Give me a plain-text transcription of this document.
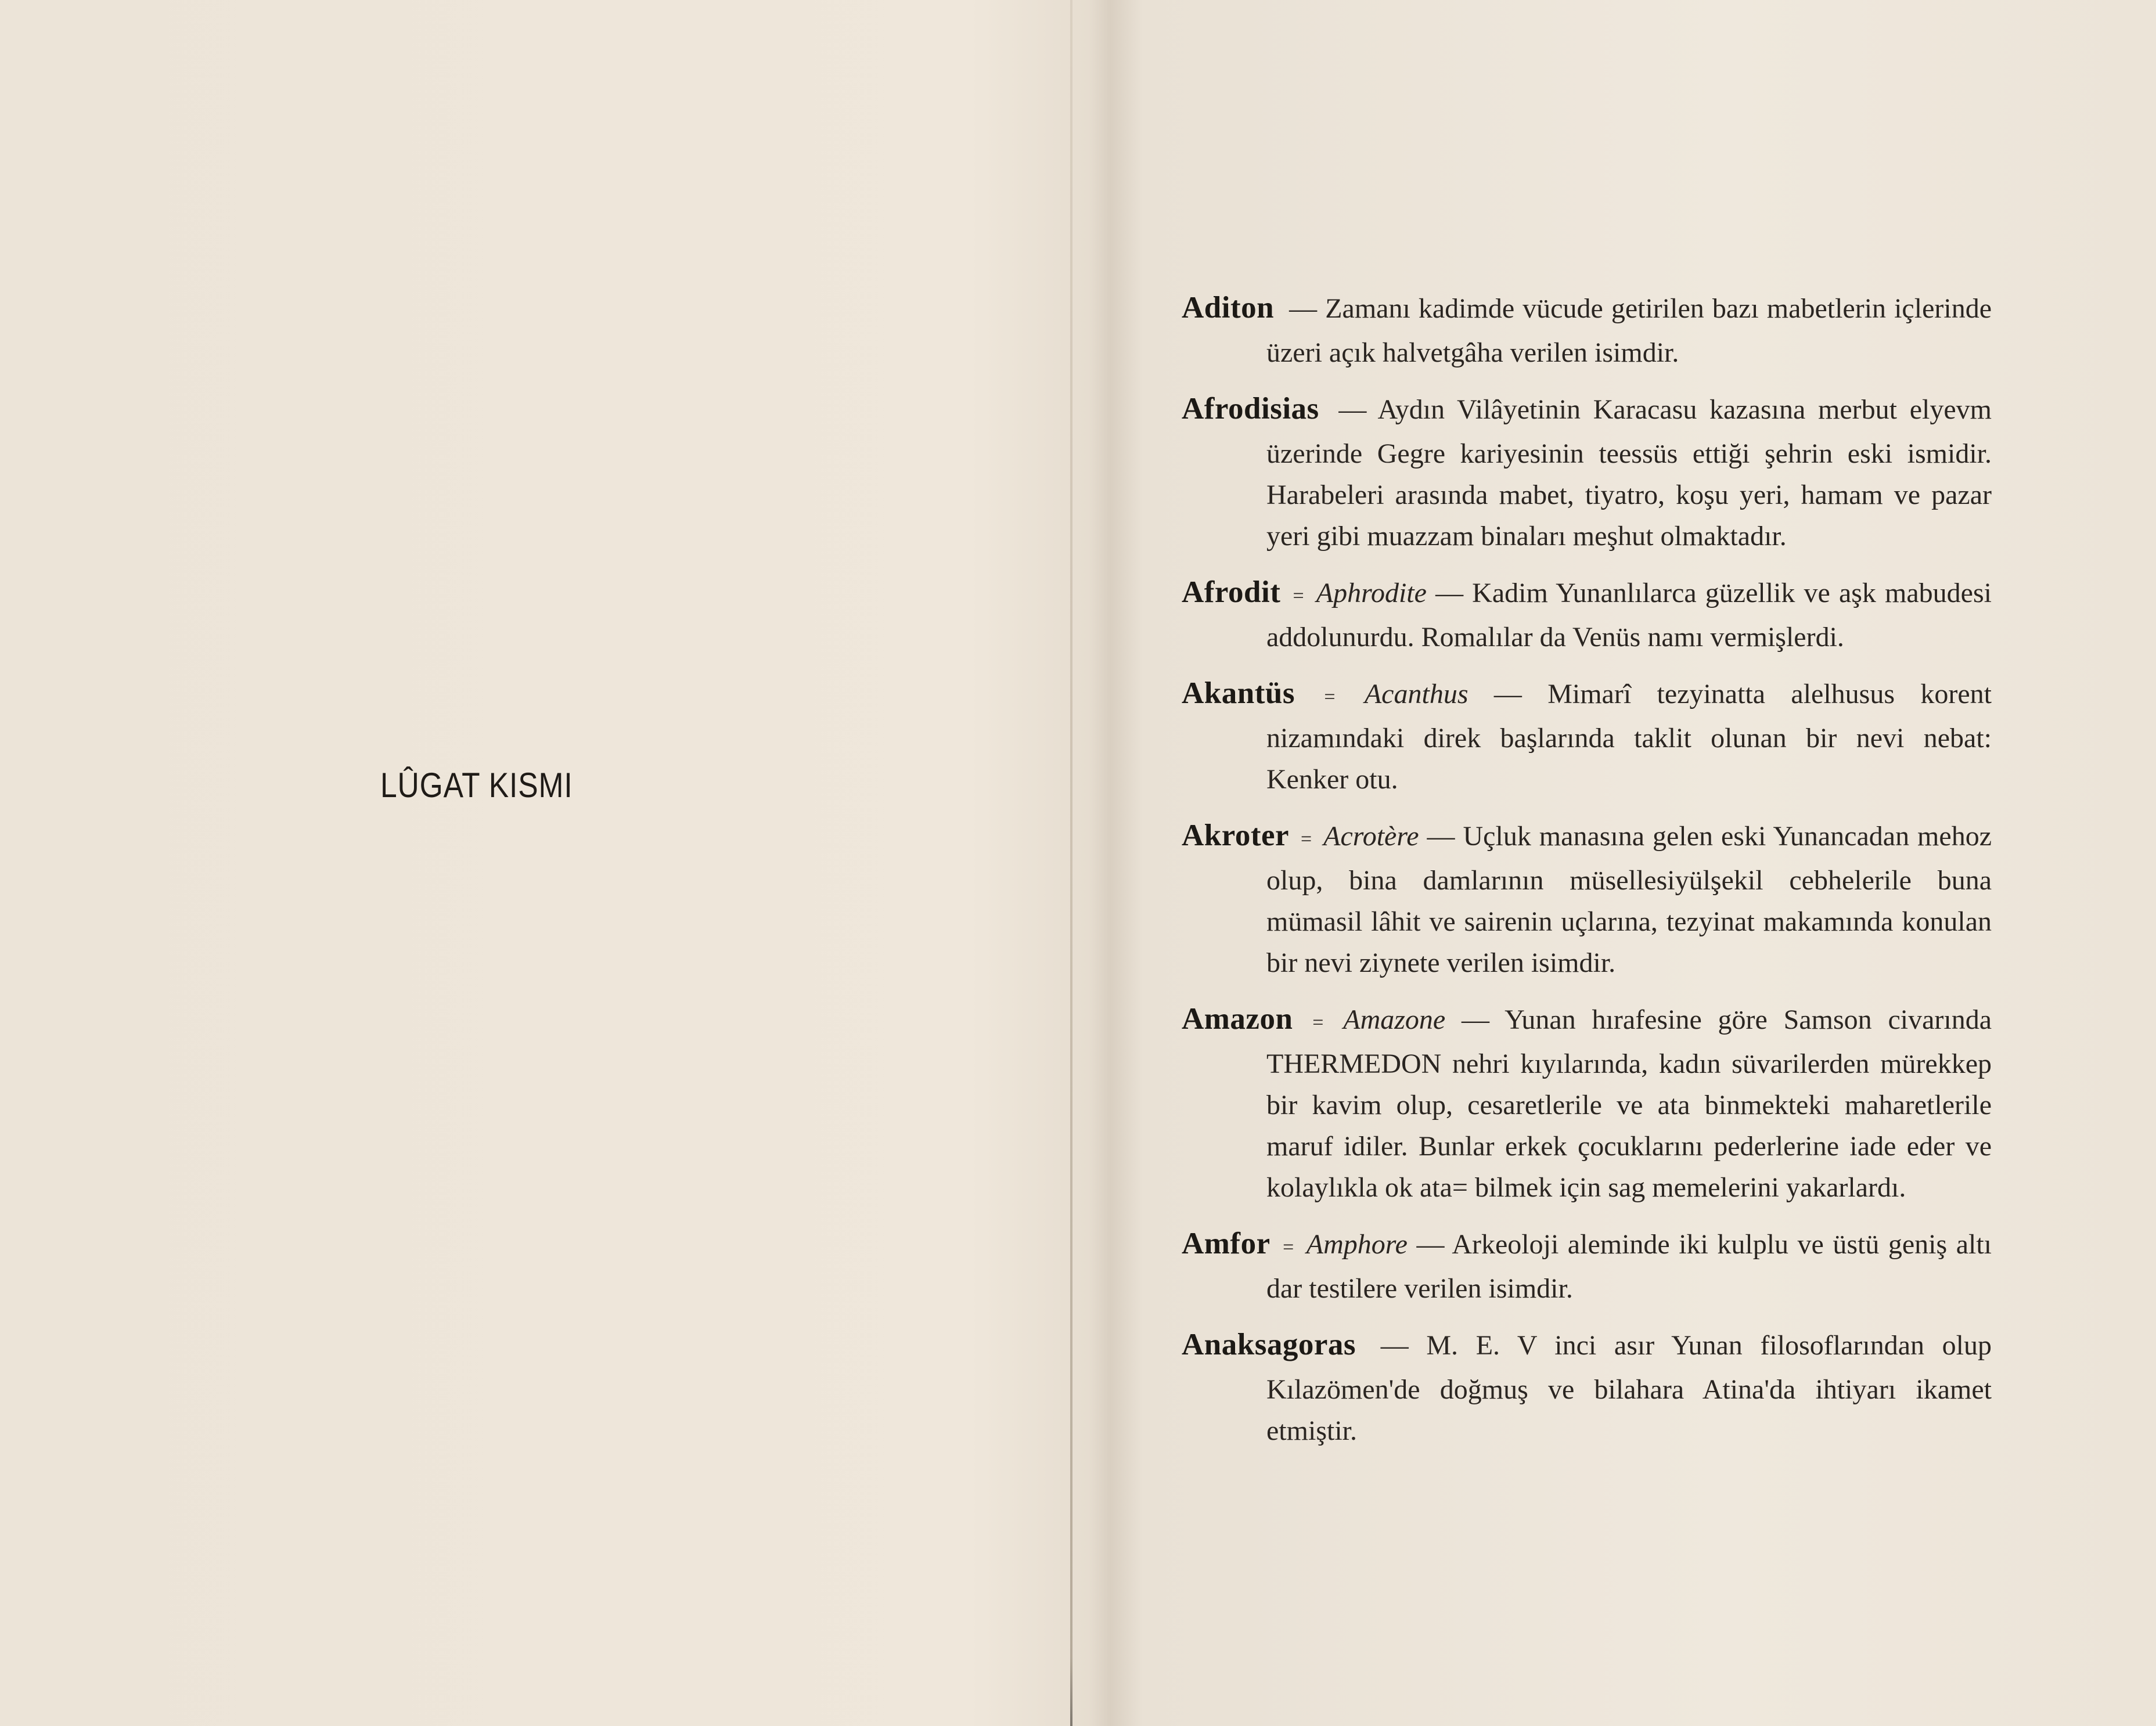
LÛGAT KISMI

Aditon — Zamanı kadimde vücude getirilen bazı mabetlerin içlerinde üzeri açık halvetgâha verilen isimdir.

Afrodisias — Aydın Vilâyetinin Karacasu kazasına merbut elyevm üzerinde Gegre kariyesinin teessüs ettiği şehrin eski ismidir. Harabeleri arasında mabet, tiyatro, koşu yeri, hamam ve pazar yeri gibi muazzam binaları meşhut olmaktadır.

Afrodit = Aphrodite — Kadim Yunanlılarca güzellik ve aşk mabudesi addolunurdu. Romalılar da Venüs namı vermişlerdi.

Akantüs = Acanthus — Mimarî tezyinatta alelhusus korent nizamındaki direk başlarında taklit olunan bir nevi nebat: Kenker otu.

Akroter = Acrotère — Uçluk manasına gelen eski Yunancadan mehoz olup, bina damlarının müsellesiyülşekil cebhelerile buna mümasil lâhit ve sairenin uçlarına, tezyinat makamında konulan bir nevi ziynete verilen isimdir.

Amazon = Amazone — Yunan hırafesine göre Samson civarında THERMEDON nehri kıyılarında, kadın süvarilerden mürekkep bir kavim olup, cesaretlerile ve ata binmekteki maharetlerile maruf idiler. Bunlar erkek çocuklarını pederlerine iade eder ve kolaylıkla ok ata= bilmek için sag memelerini yakarlardı.

Amfor = Amphore — Arkeoloji aleminde iki kulplu ve üstü geniş altı dar testilere verilen isimdir.

Anaksagoras — M. E. V inci asır Yunan filosoflarından olup Kılazömen'de doğmuş ve bilahara Atina'da ihtiyarı ikamet etmiştir.
